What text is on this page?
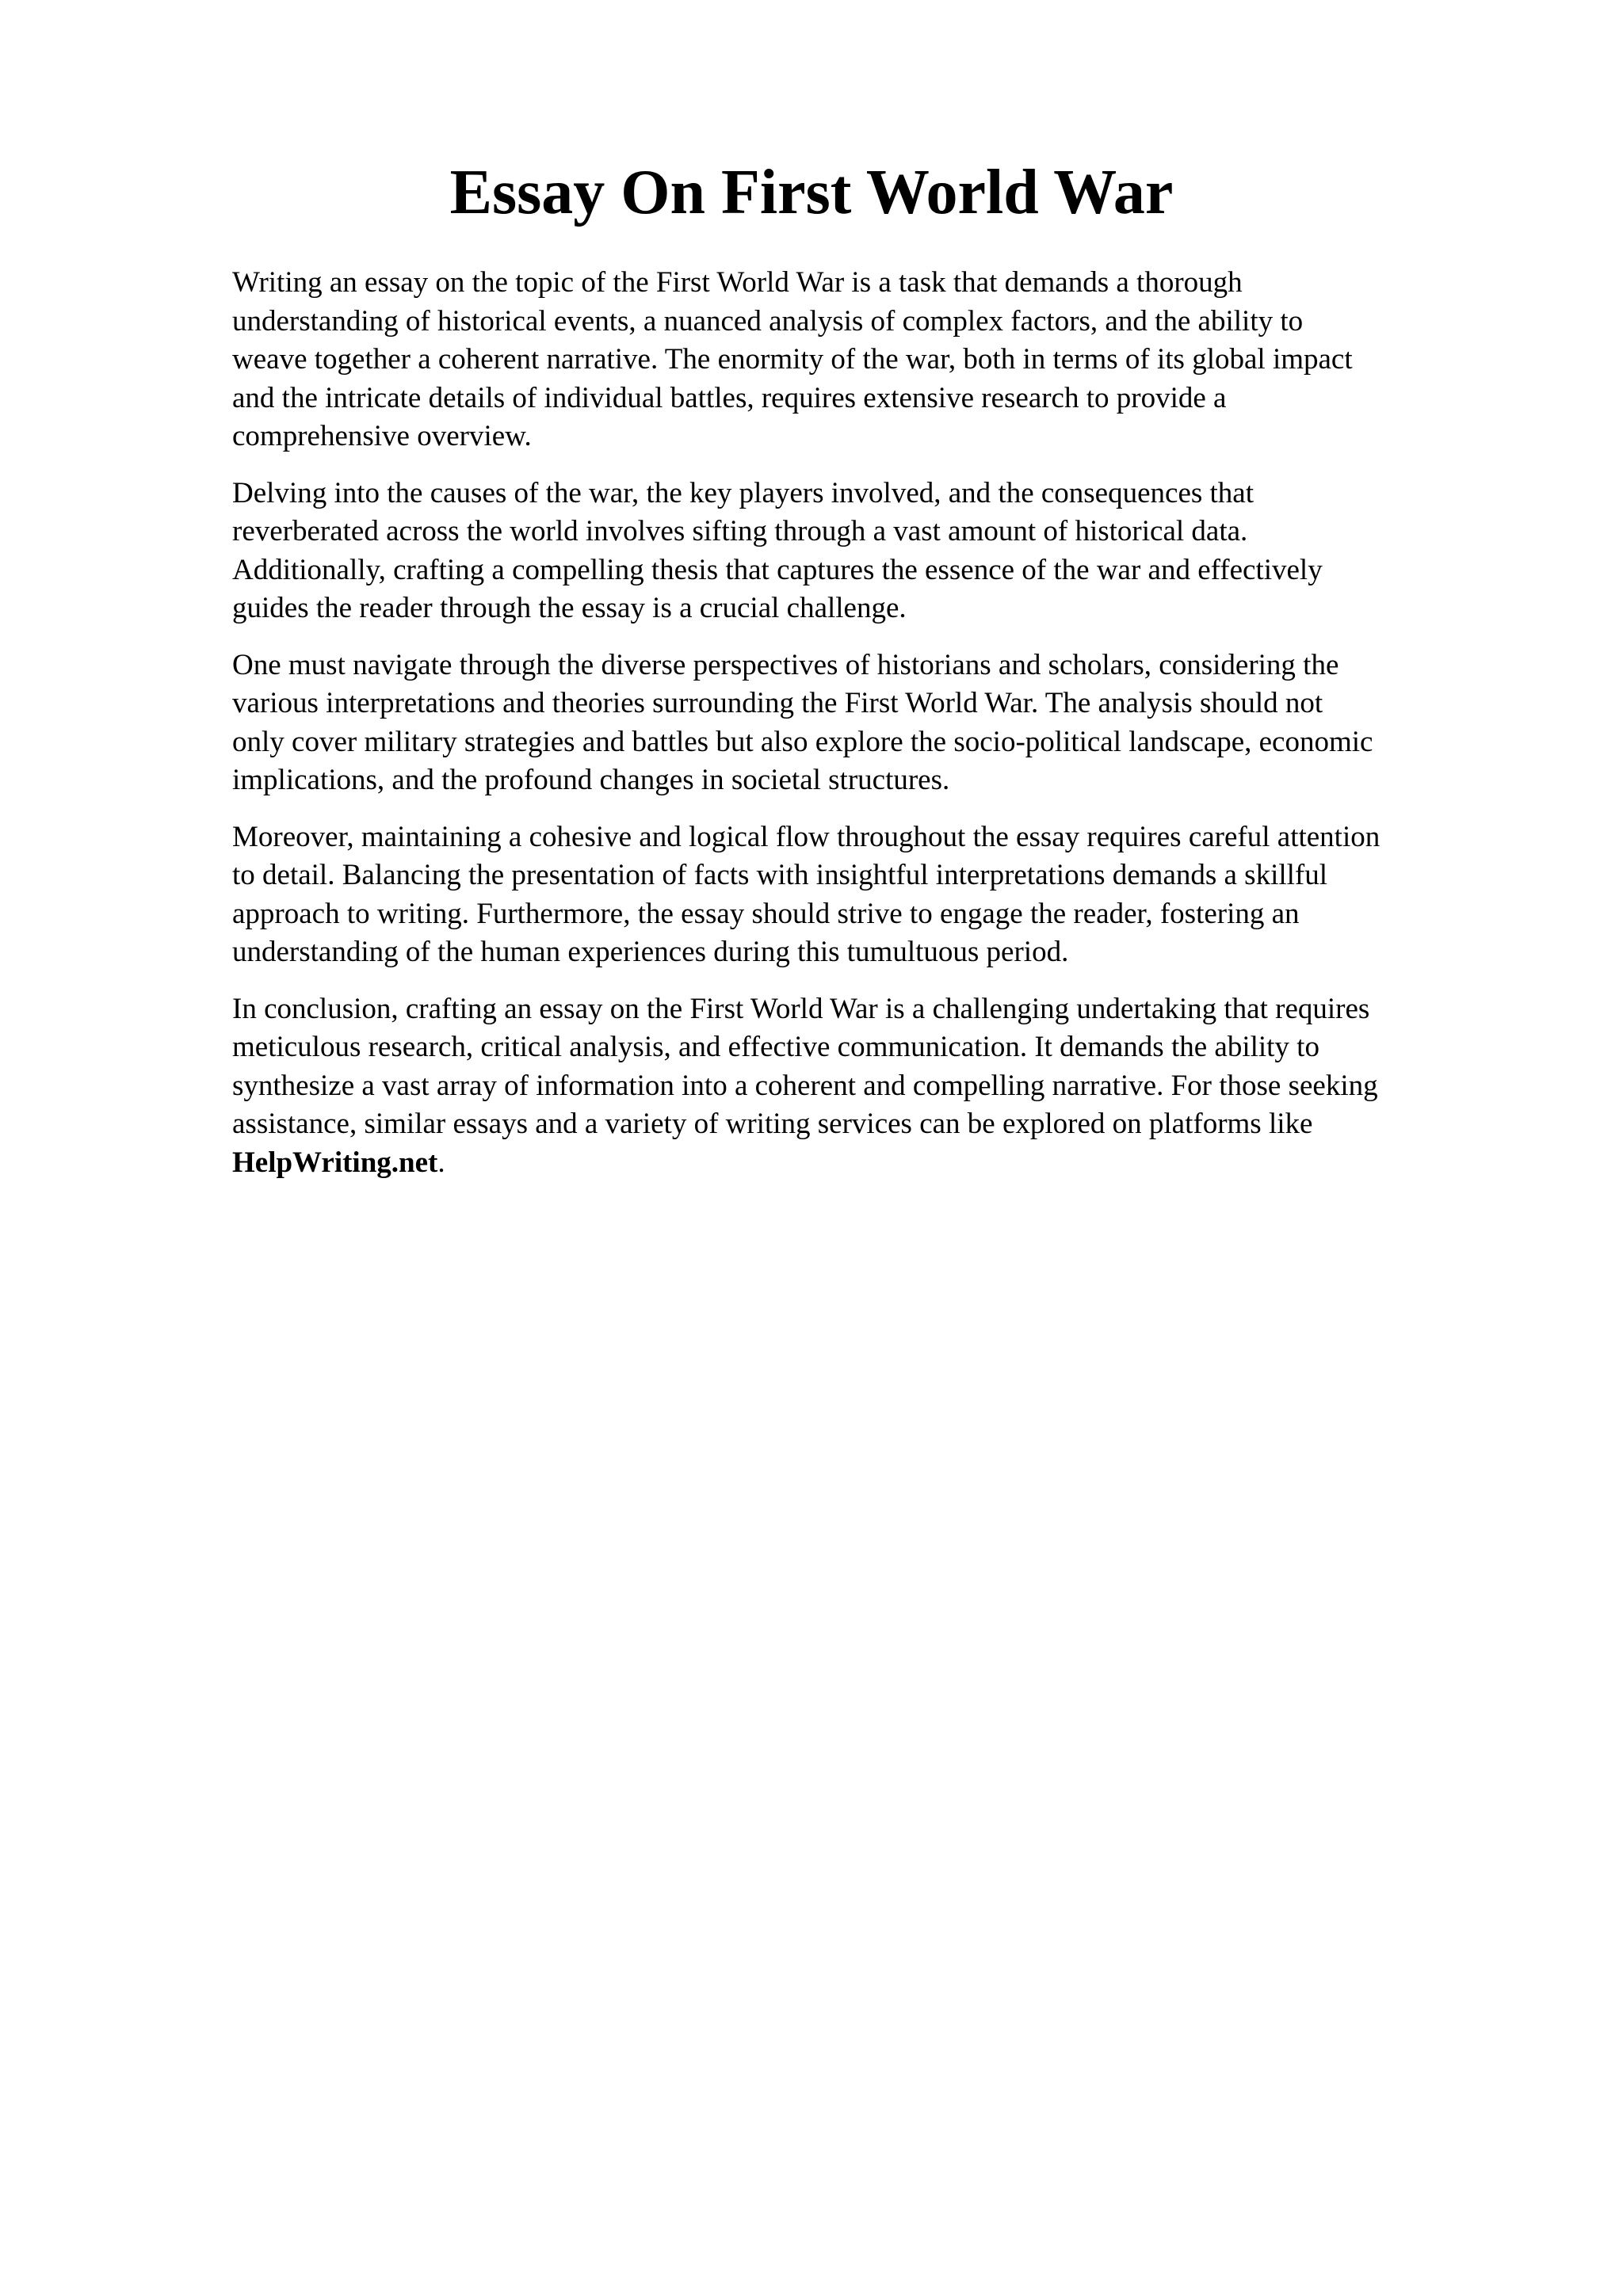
Essay On First World War

Writing an essay on the topic of the First World War is a task that demands a thorough
understanding of historical events, a nuanced analysis of complex factors, and the ability to
weave together a coherent narrative. The enormity of the war, both in terms of its global impact
and the intricate details of individual battles, requires extensive research to provide a
comprehensive overview.

Delving into the causes of the war, the key players involved, and the consequences that
reverberated across the world involves sifting through a vast amount of historical data.
Additionally, crafting a compelling thesis that captures the essence of the war and effectively
guides the reader through the essay is a crucial challenge.

One must navigate through the diverse perspectives of historians and scholars, considering the
various interpretations and theories surrounding the First World War. The analysis should not
only cover military strategies and battles but also explore the socio-political landscape, economic
implications, and the profound changes in societal structures.

Moreover, maintaining a cohesive and logical flow throughout the essay requires careful attention
to detail. Balancing the presentation of facts with insightful interpretations demands a skillful
approach to writing. Furthermore, the essay should strive to engage the reader, fostering an
understanding of the human experiences during this tumultuous period.

In conclusion, crafting an essay on the First World War is a challenging undertaking that requires
meticulous research, critical analysis, and effective communication. It demands the ability to
synthesize a vast array of information into a coherent and compelling narrative. For those seeking
assistance, similar essays and a variety of writing services can be explored on platforms like
HelpWriting.net.
